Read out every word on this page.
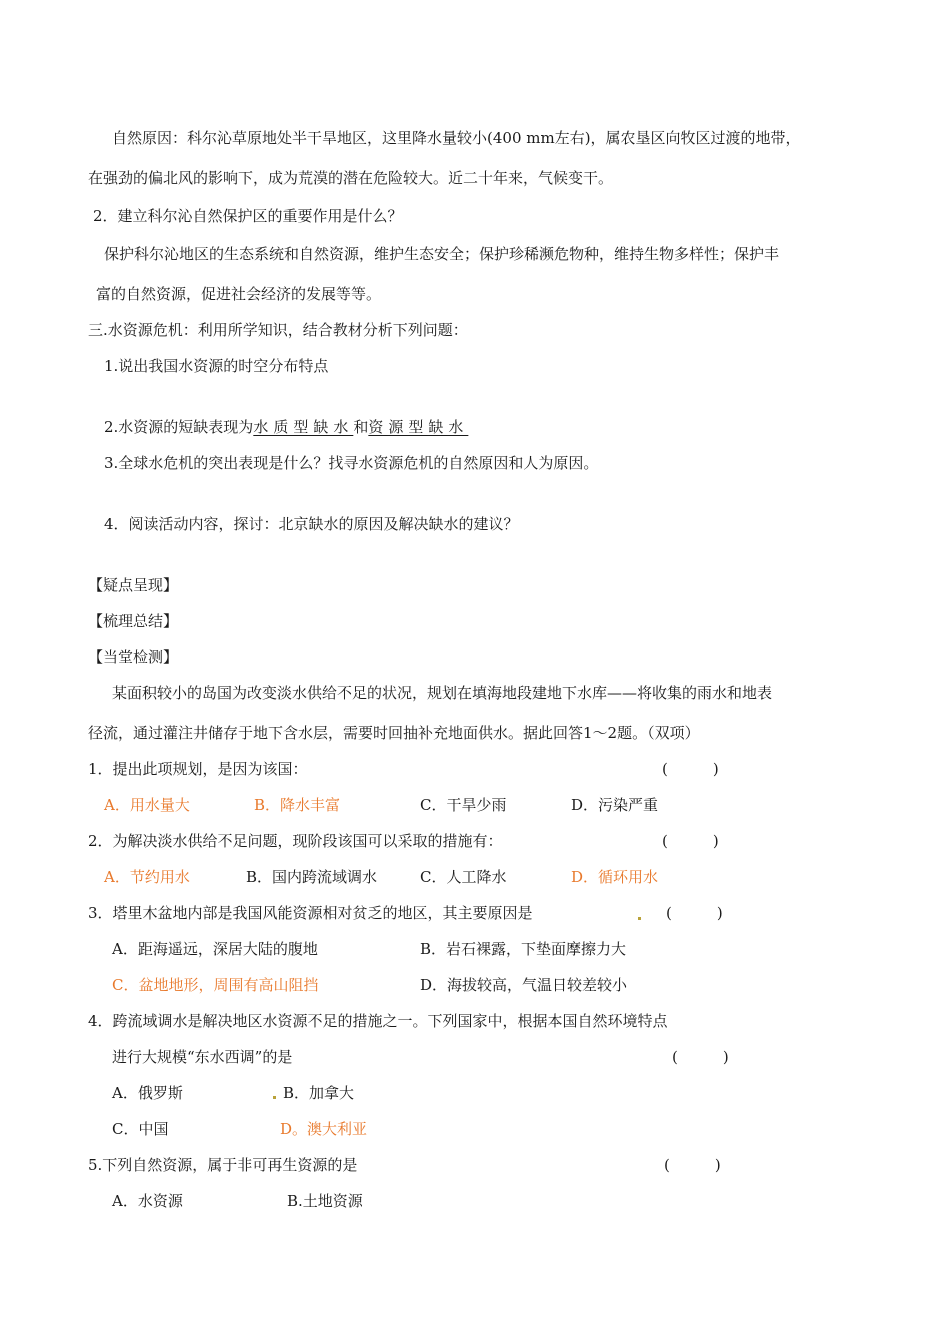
自然原因：科尔沁草原地处半干旱地区，这里降水量较小(400 mm左右)，属农垦区向牧区过渡的地带，
在强劲的偏北风的影响下，成为荒漠的潜在危险较大。近二十年来，气候变干。
2．建立科尔沁自然保护区的重要作用是什么？
保护科尔沁地区的生态系统和自然资源，维护生态安全；保护珍稀濒危物种，维持生物多样性；保护丰
富的自然资源，促进社会经济的发展等等。
三.水资源危机：利用所学知识，结合教材分析下列问题：
1.说出我国水资源的时空分布特点
2.水资源的短缺表现为水质型缺水和资源型缺水
3.全球水危机的突出表现是什么？找寻水资源危机的自然原因和人为原因。
4．阅读活动内容，探讨：北京缺水的原因及解决缺水的建议？
【疑点呈现】
【梳理总结】
【当堂检测】
某面积较小的岛国为改变淡水供给不足的状况，规划在填海地段建地下水库——将收集的雨水和地表
径流，通过灌注井储存于地下含水层，需要时回抽补充地面供水。据此回答1～2题。（双项）
1．提出此项规划，是因为该国：	(　　　)
A．用水量大	B．降水丰富	C．干旱少雨	D．污染严重
2．为解决淡水供给不足问题，现阶段该国可以采取的措施有：	(　　　)
A．节约用水	B．国内跨流域调水	C．人工降水	D．循环用水
3．塔里木盆地内部是我国风能资源相对贫乏的地区，其主要原因是	(　　　)
A．距海遥远，深居大陆的腹地	B．岩石裸露，下垫面摩擦力大
C．盆地地形，周围有高山阻挡	D．海拔较高，气温日较差较小
4．跨流域调水是解决地区水资源不足的措施之一。下列国家中，根据本国自然环境特点
进行大规模“东水西调”的是	(　　　)
A．俄罗斯	B．加拿大
C．中国	D。澳大利亚
5.下列自然资源，属于非可再生资源的是	(　　　)
A．水资源	B.土地资源
